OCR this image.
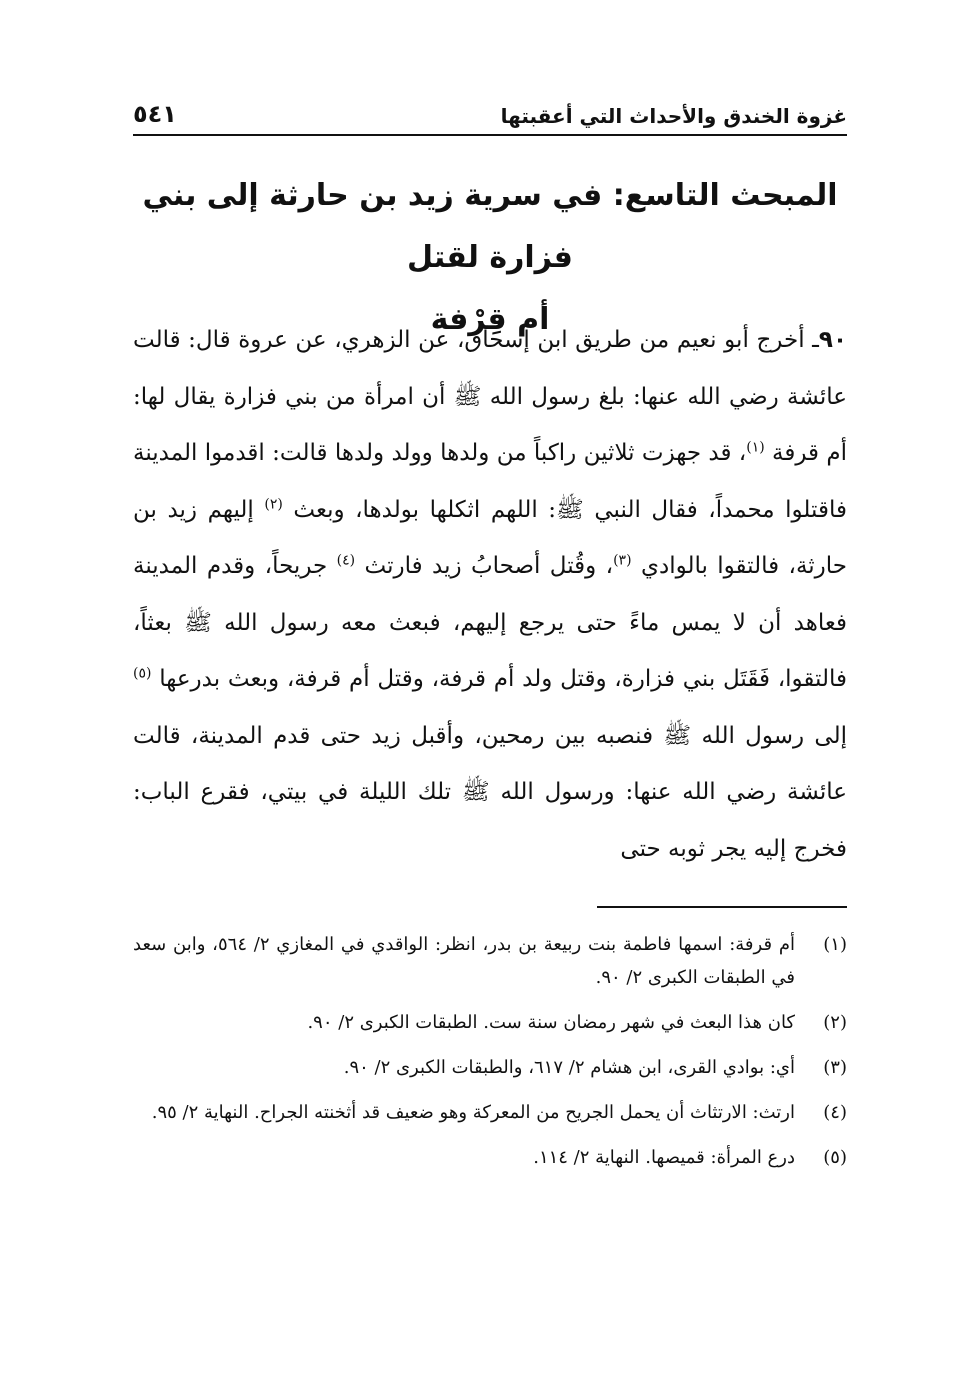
غزوة الخندق والأحداث التي أعقبتها
٥٤١
المبحث التاسع: في سرية زيد بن حارثة إلى بني فزارة لقتل
أم قِرْفة

٩٠ـ أخرج أبو نعيم من طريق ابن إسحاق، عن الزهري، عن عروة قال: قالت عائشة رضي الله عنها: بلغ رسول الله ﷺ أن امرأة من بني فزارة يقال لها: أم قرفة $^{(١)}$، قد جهزت ثلاثين راكباً من ولدها وولد ولدها قالت: اقدموا المدينة فاقتلوا محمداً، فقال النبي ﷺ: اللهم اثكلها بولدها، وبعث $^{(٢)}$ إليهم زيد بن حارثة، فالتقوا بالوادي $^{(٣)}$، وقُتل أصحابُ زيد فارتث $^{(٤)}$ جريحاً، وقدم المدينة فعاهد أن لا يمس ماءً حتى يرجع إليهم، فبعث معه رسول الله ﷺ بعثاً، فالتقوا، فَقَتَل بني فزارة، وقتل ولد أم قرفة، وقتل أم قرفة، وبعث بدرعها $^{(٥)}$ إلى رسول الله ﷺ فنصبه بين رمحين، وأقبل زيد حتى قدم المدينة، قالت عائشة رضي الله عنها: ورسول الله ﷺ تلك الليلة في بيتي، فقرع الباب: فخرج إليه يجر ثوبه حتى

(١)
أم قرفة: اسمها فاطمة بنت ربيعة بن بدر، انظر: الواقدي في المغازي ٢/ ٥٦٤، وابن سعد في الطبقات الكبرى ٢/ ٩٠.
(٢)
كان هذا البعث في شهر رمضان سنة ست. الطبقات الكبرى ٢/ ٩٠.
(٣)
أي: بوادي القرى، ابن هشام ٢/ ٦١٧، والطبقات الكبرى ٢/ ٩٠.
(٤)
ارتث: الارتثاث أن يحمل الجريح من المعركة وهو ضعيف قد أثخنته الجراح. النهاية ٢/ ٩٥.
(٥)
درع المرأة: قميصها. النهاية ٢/ ١١٤.
